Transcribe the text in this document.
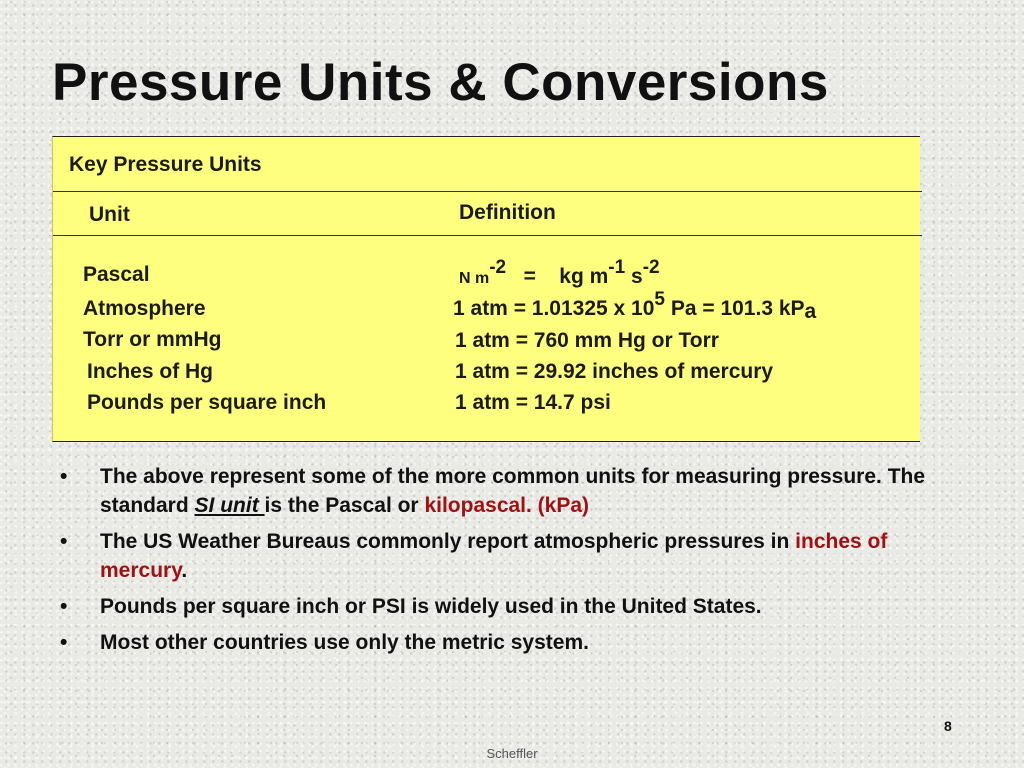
Pressure Units & Conversions
Key Pressure Units
Unit	Definition
Pascal	N m-2 = kg m-1 s-2
Atmosphere	1 atm = 1.01325 x 105 Pa = 101.3 kPa
Torr or mmHg	1 atm = 760 mm Hg or Torr
Inches of Hg	1 atm = 29.92 inches of mercury
Pounds per square inch	1 atm = 14.7 psi
• The above represent some of the more common units for measuring pressure. The standard SI unit is the Pascal or kilopascal. (kPa)
• The US Weather Bureaus commonly report atmospheric pressures in inches of mercury.
• Pounds per square inch or PSI is widely used in the United States.
• Most other countries use only the metric system.
8
Scheffler
